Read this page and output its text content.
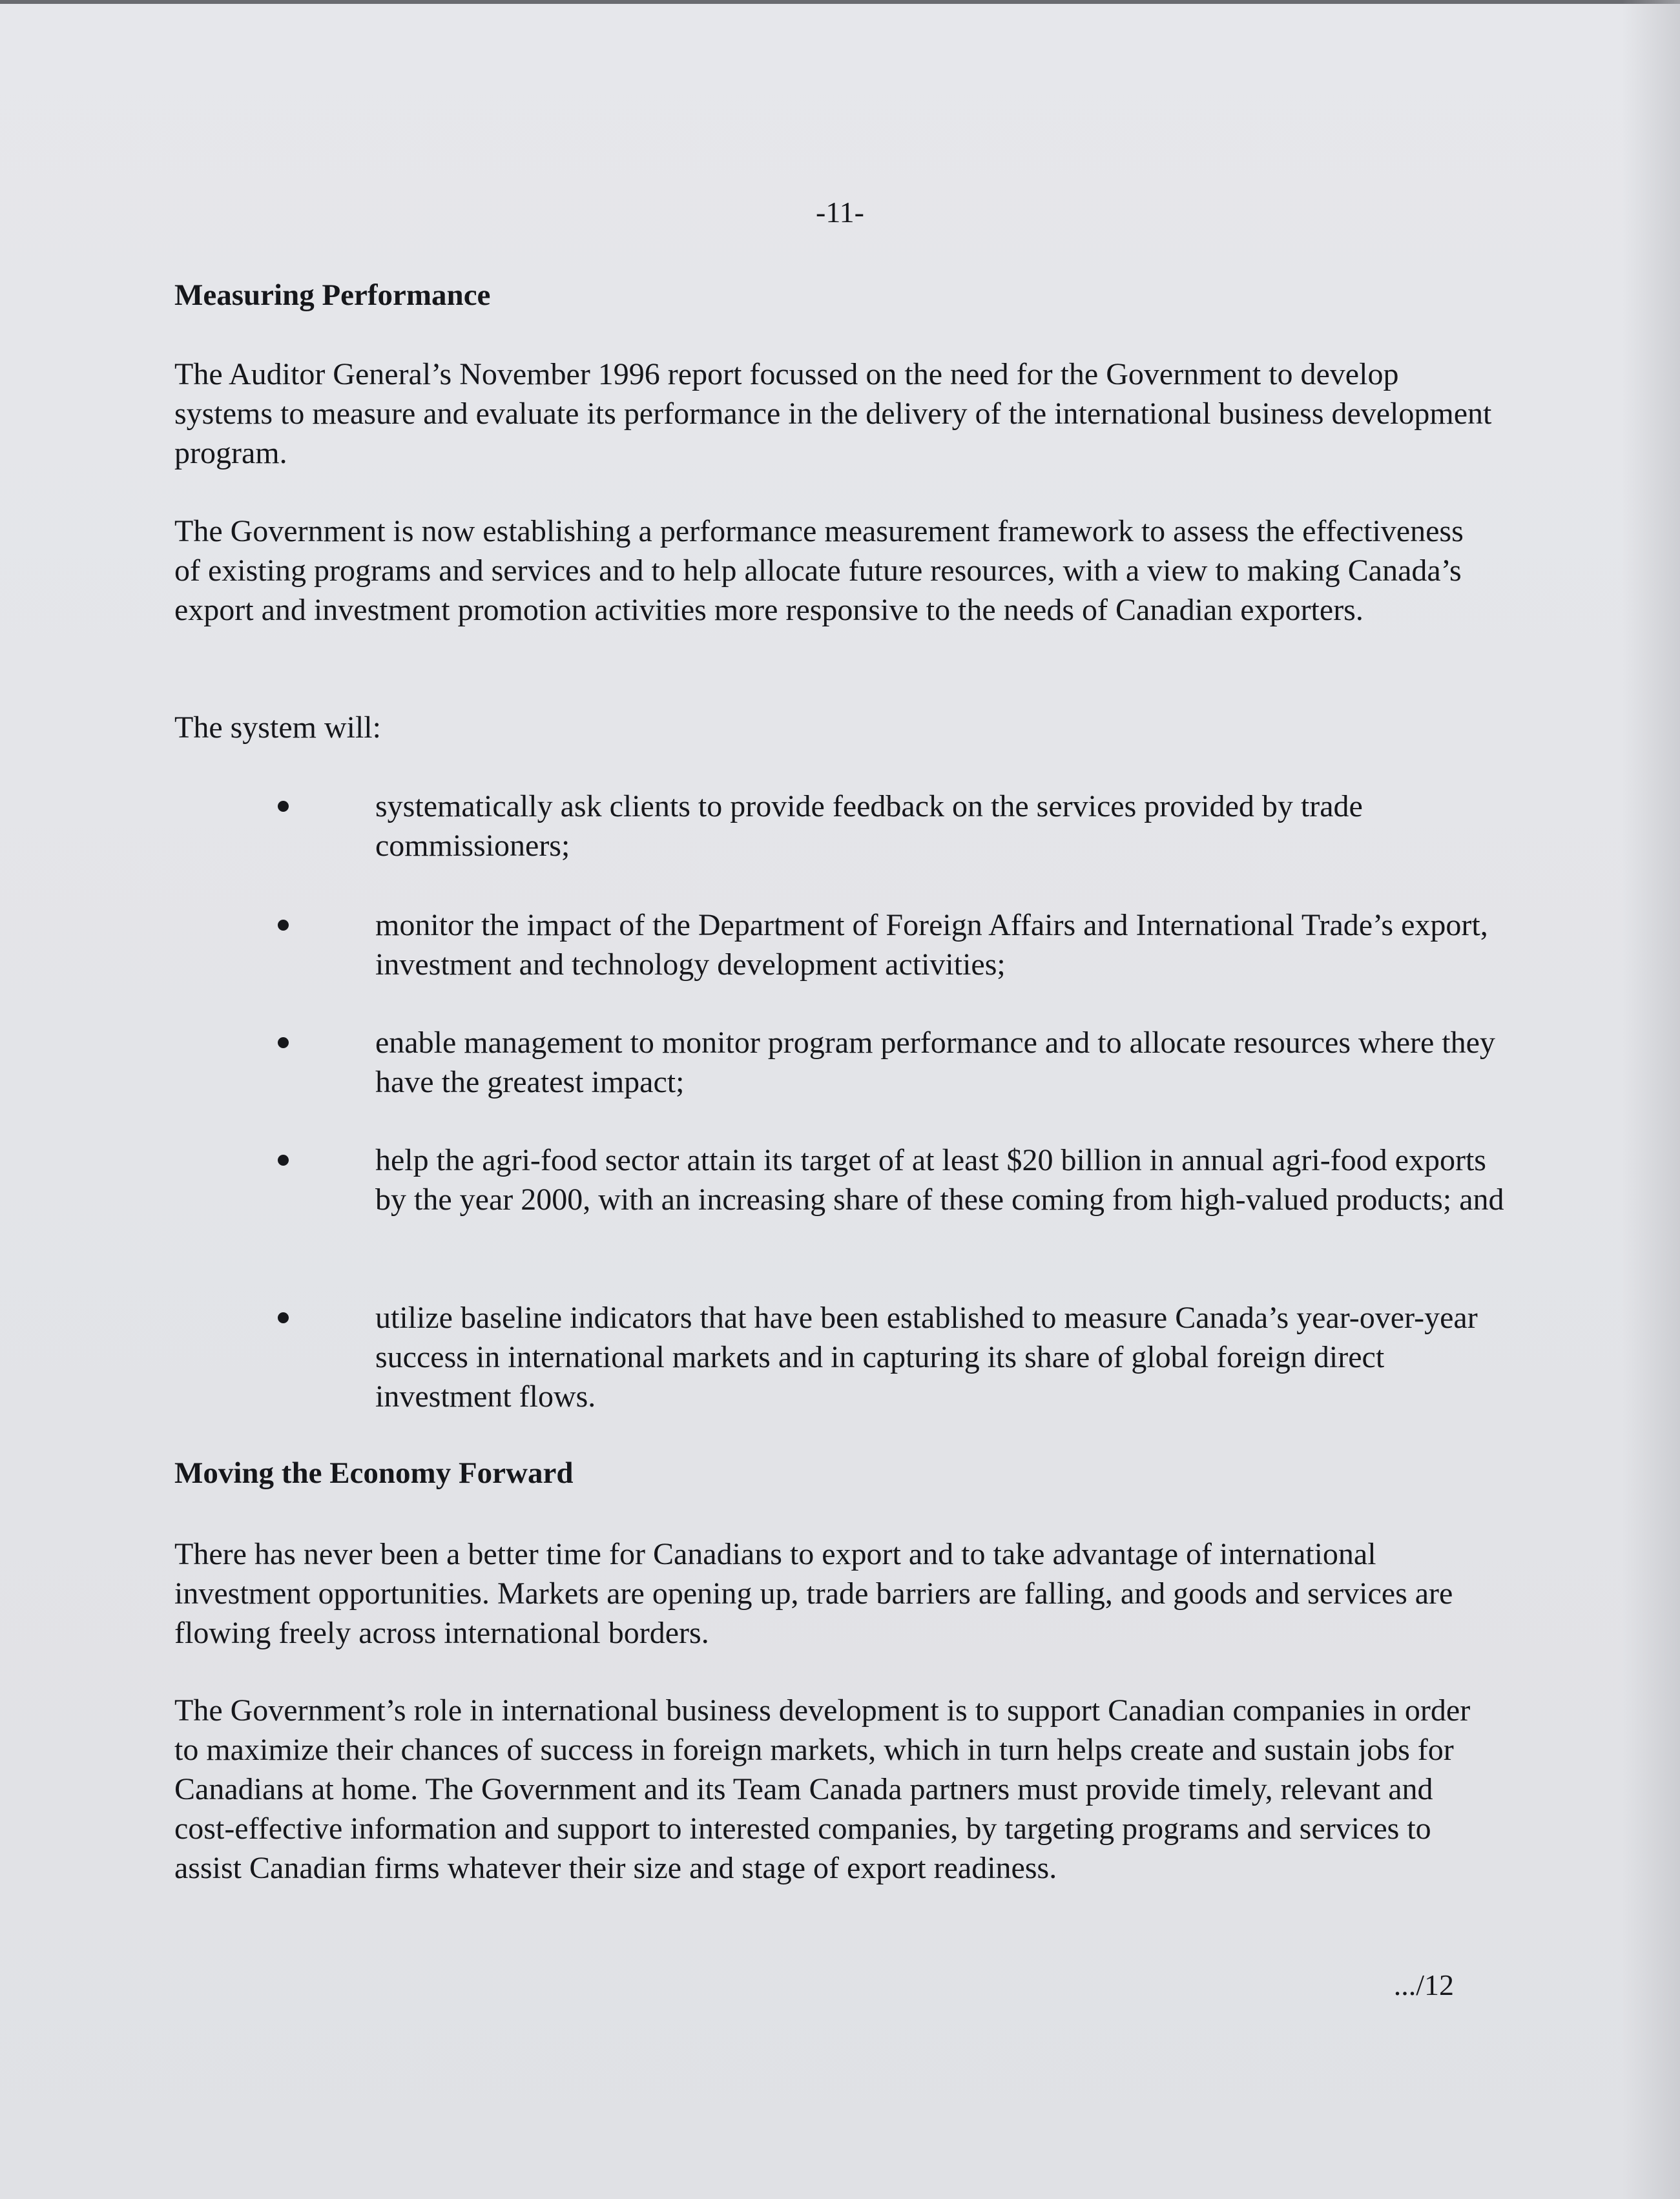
-11-

Measuring Performance

The Auditor General’s November 1996 report focussed on the need for the Government to develop systems to measure and evaluate its performance in the delivery of the international business development program.

The Government is now establishing a performance measurement framework to assess the effectiveness of existing programs and services and to help allocate future resources, with a view to making Canada’s export and investment promotion activities more responsive to the needs of Canadian exporters.

The system will:

systematically ask clients to provide feedback on the services provided by trade commissioners;

monitor the impact of the Department of Foreign Affairs and International Trade’s export, investment and technology development activities;

enable management to monitor program performance and to allocate resources where they have the greatest impact;

help the agri-food sector attain its target of at least $20 billion in annual agri-food exports by the year 2000, with an increasing share of these coming from high-valued products; and

utilize baseline indicators that have been established to measure Canada’s year-over-year success in international markets and in capturing its share of global foreign direct investment flows.

Moving the Economy Forward

There has never been a better time for Canadians to export and to take advantage of international investment opportunities. Markets are opening up, trade barriers are falling, and goods and services are flowing freely across international borders.

The Government’s role in international business development is to support Canadian companies in order to maximize their chances of success in foreign markets, which in turn helps create and sustain jobs for Canadians at home. The Government and its Team Canada partners must provide timely, relevant and cost-effective information and support to interested companies, by targeting programs and services to assist Canadian firms whatever their size and stage of export readiness.

.../12
